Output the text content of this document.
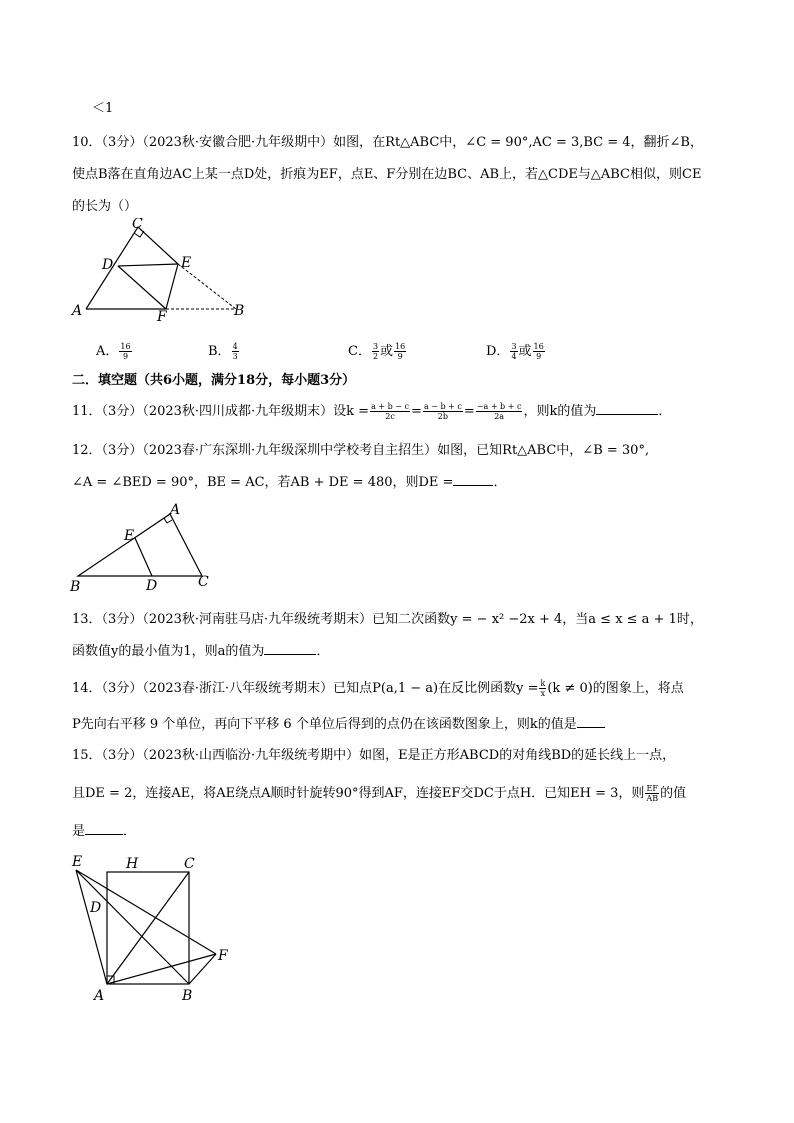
＜1
10．（3分）（2023秋·安徽合肥·九年级期中）如图，在Rt△ABC中，∠C = 90°,AC = 3,BC = 4，翻折∠B，
使点B落在直角边AC上某一点D处，折痕为EF，点E、F分别在边BC、AB上，若△CDE与△ABC相似，则CE
的长为（）
C
D	E
A	F	B
A． $\frac{16}{9}$	B． $\frac{4}{3}$	C． $\frac{3}{2}$ 或 $\frac{16}{9}$	D． $\frac{3}{4}$ 或 $\frac{16}{9}$
二．填空题（共6小题，满分18分，每小题3分）
11．（3分）（2023秋·四川成都·九年级期末）设$k = \frac{a + b - c}{2c} = \frac{a - b + c}{2b} = \frac{-a + b + c}{2a}$ ，则k的值为	．
12．（3分）（2023春·广东深圳·九年级深圳中学校考自主招生）如图，已知Rt△ABC中，∠B = 30°,
∠A = ∠BED = 90°，BE = AC，若AB + DE = 480，则DE =	．
A
E
B	D	C
13．（3分）（2023秋·河南驻马店·九年级统考期末）已知二次函数y = − x² −2x + 4，当a ≤ x ≤ a + 1时，
函数值y的最小值为1，则a的值为	．
14．（3分）（2023春·浙江·八年级统考期末）已知点P(a,1 − a)在反比例函数$y = \frac{k}{x} (k \ne 0)$的图象上，将点
P先向右平移 9 个单位，再向下平移 6 个单位后得到的点仍在该函数图象上，则k的值是
15．（3分）（2023秋·山西临汾·九年级统考期中）如图，E是正方形ABCD的对角线BD的延长线上一点，
且DE = 2，连接AE，将AE绕点A顺时针旋转90°得到AF，连接EF交DC于点H．已知EH = 3，则 $\frac{EF}{AB}$ 的值
是	．
E	H	C
D
F
A	B
